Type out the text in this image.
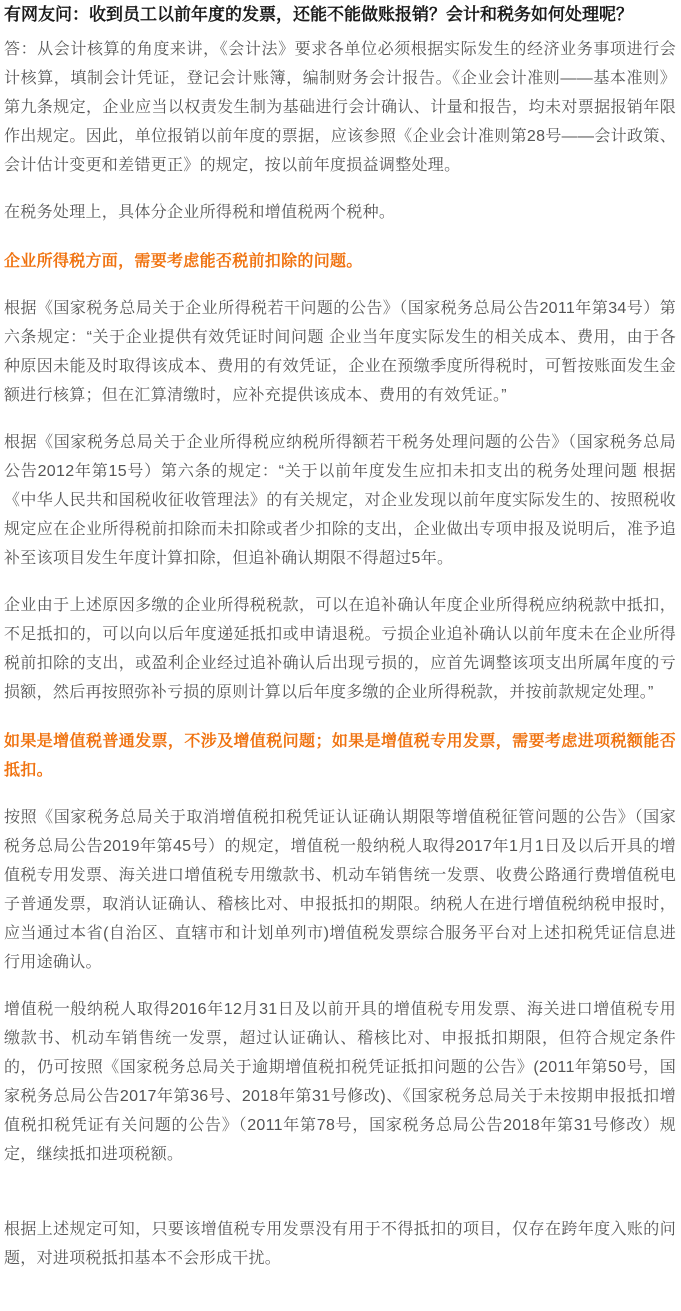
有网友问：收到员工以前年度的发票，还能不能做账报销？会计和税务如何处理呢？

答：从会计核算的角度来讲，《会计法》要求各单位必须根据实际发生的经济业务事项进行会计核算，填制会计凭证，登记会计账簿，编制财务会计报告。《企业会计准则——基本准则》第九条规定，企业应当以权责发生制为基础进行会计确认、计量和报告，均未对票据报销年限作出规定。因此，单位报销以前年度的票据，应该参照《企业会计准则第28号——会计政策、会计估计变更和差错更正》的规定，按以前年度损益调整处理。

在税务处理上，具体分企业所得税和增值税两个税种。

企业所得税方面，需要考虑能否税前扣除的问题。

根据《国家税务总局关于企业所得税若干问题的公告》（国家税务总局公告2011年第34号）第六条规定：“关于企业提供有效凭证时间问题 企业当年度实际发生的相关成本、费用，由于各种原因未能及时取得该成本、费用的有效凭证，企业在预缴季度所得税时，可暂按账面发生金额进行核算；但在汇算清缴时，应补充提供该成本、费用的有效凭证。”

根据《国家税务总局关于企业所得税应纳税所得额若干税务处理问题的公告》（国家税务总局公告2012年第15号）第六条的规定：“关于以前年度发生应扣未扣支出的税务处理问题 根据《中华人民共和国税收征收管理法》的有关规定，对企业发现以前年度实际发生的、按照税收规定应在企业所得税前扣除而未扣除或者少扣除的支出，企业做出专项申报及说明后，准予追补至该项目发生年度计算扣除，但追补确认期限不得超过5年。

企业由于上述原因多缴的企业所得税税款，可以在追补确认年度企业所得税应纳税款中抵扣，不足抵扣的，可以向以后年度递延抵扣或申请退税。亏损企业追补确认以前年度未在企业所得税前扣除的支出，或盈利企业经过追补确认后出现亏损的，应首先调整该项支出所属年度的亏损额，然后再按照弥补亏损的原则计算以后年度多缴的企业所得税款，并按前款规定处理。”

如果是增值税普通发票，不涉及增值税问题；如果是增值税专用发票，需要考虑进项税额能否抵扣。

按照《国家税务总局关于取消增值税扣税凭证认证确认期限等增值税征管问题的公告》（国家税务总局公告2019年第45号）的规定，增值税一般纳税人取得2017年1月1日及以后开具的增值税专用发票、海关进口增值税专用缴款书、机动车销售统一发票、收费公路通行费增值税电子普通发票，取消认证确认、稽核比对、申报抵扣的期限。纳税人在进行增值税纳税申报时，应当通过本省(自治区、直辖市和计划单列市)增值税发票综合服务平台对上述扣税凭证信息进行用途确认。

增值税一般纳税人取得2016年12月31日及以前开具的增值税专用发票、海关进口增值税专用缴款书、机动车销售统一发票，超过认证确认、稽核比对、申报抵扣期限，但符合规定条件的，仍可按照《国家税务总局关于逾期增值税扣税凭证抵扣问题的公告》(2011年第50号，国家税务总局公告2017年第36号、2018年第31号修改)、《国家税务总局关于未按期申报抵扣增值税扣税凭证有关问题的公告》（2011年第78号，国家税务总局公告2018年第31号修改）规定，继续抵扣进项税额。

根据上述规定可知，只要该增值税专用发票没有用于不得抵扣的项目，仅存在跨年度入账的问题，对进项税抵扣基本不会形成干扰。
